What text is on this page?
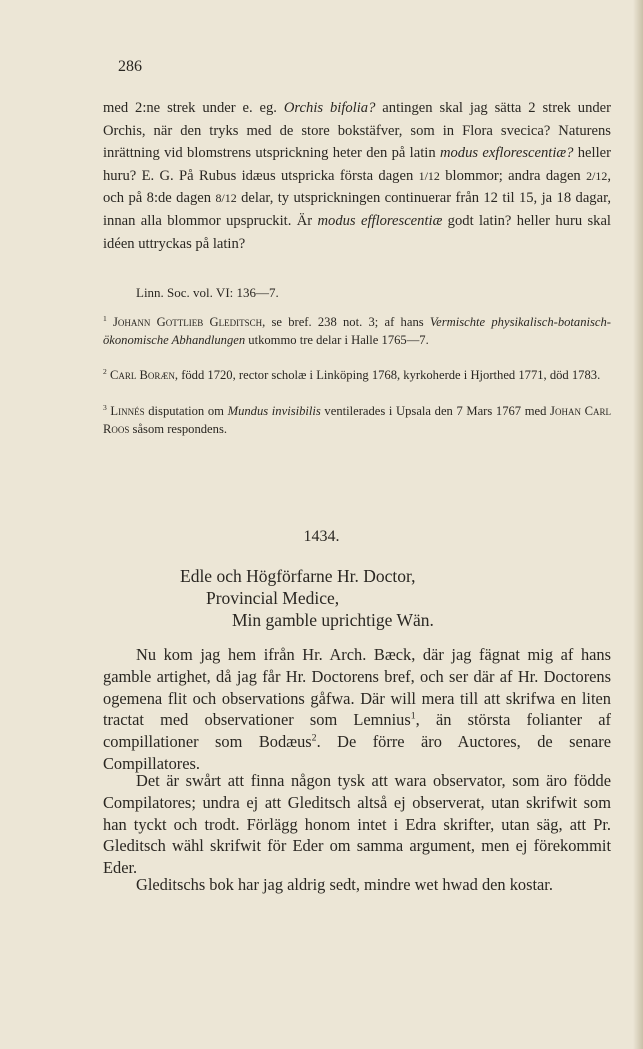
286

med 2:ne strek under e. eg. Orchis bifolia? antingen skal jag sätta 2 strek under Orchis, när den tryks med de store bokstäfver, som in Flora svecica? Naturens inrättning vid blomstrens utsprickning heter den på latin modus exflorescentiæ? heller huru? E. G. På Rubus idæus utspricka första dagen 1/12 blommor; andra dagen 2/12, och på 8:de dagen 8/12 delar, ty utsprickningen continuerar från 12 til 15, ja 18 dagar, innan alla blommor upspruckit. Är modus efflorescentiæ godt latin? heller huru skal idéen uttryckas på latin?

Linn. Soc. vol. VI: 136—7.

$^1$ Johann Gottlieb Gleditsch, se bref. 238 not. 3; af hans Vermischte physikalisch-botanisch-ökonomische Abhandlungen utkommo tre delar i Halle 1765—7.

$^2$ Carl Boræn, född 1720, rector scholæ i Linköping 1768, kyrkoherde i Hjorthed 1771, död 1783.

$^3$ Linnés disputation om Mundus invisibilis ventilerades i Upsala den 7 Mars 1767 med Johan Carl Roos såsom respondens.

1434.
Edle och Högförfarne Hr. Doctor,
Provincial Medice,
Min gamble uprichtige Wän.

Nu kom jag hem ifrån Hr. Arch. Bæck, där jag fägnat mig af hans gamble artighet, då jag får Hr. Doctorens bref, och ser där af Hr. Doctorens ogemena flit och observations gåfwa. Där will mera till att skrifwa en liten tractat med observationer som Lemnius$^1$, än största folianter af compillationer som Bodæus$^2$. De förre äro Auctores, de senare Compillatores.

Det är swårt att finna någon tysk att wara observator, som äro födde Compilatores; undra ej att Gleditsch altså ej observerat, utan skrifwit som han tyckt och trodt. Förlägg honom intet i Edra skrifter, utan säg, att Pr. Gleditsch wähl skrifwit för Eder om samma argument, men ej förekommit Eder.

Gleditschs bok har jag aldrig sedt, mindre wet hwad den kostar.
